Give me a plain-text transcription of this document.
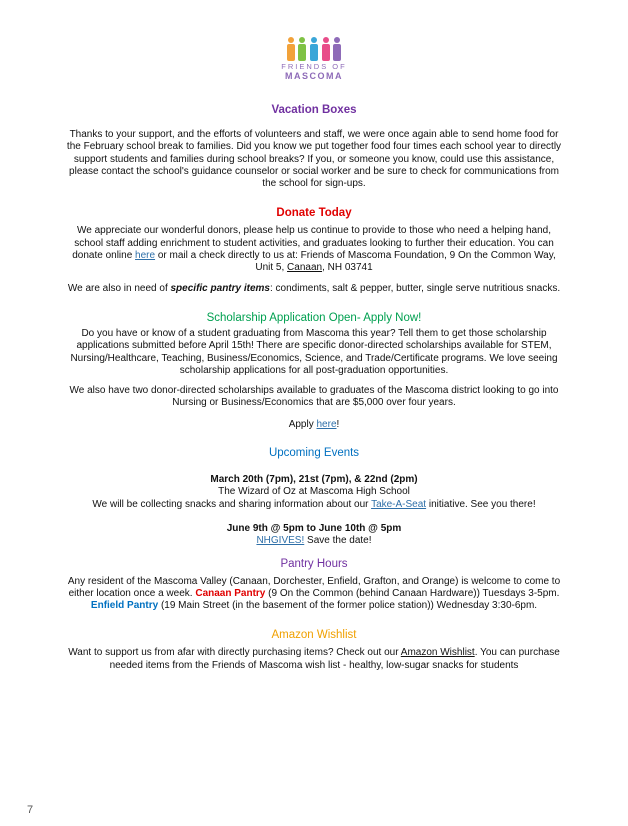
FRIENDS OF
MASCOMA
Vacation Boxes

Thanks to your support, and the efforts of volunteers and staff, we were once again able to send home food for the February school break to families. Did you know we put together food four times each school year to directly support students and families during school breaks? If you, or someone you know, could use this assistance, please contact the school's guidance counselor or social worker and be sure to check for communications from the school for sign-ups.

Donate Today

We appreciate our wonderful donors, please help us continue to provide to those who need a helping hand, school staff adding enrichment to student activities, and graduates looking to further their education. You can donate online here or mail a check directly to us at: Friends of Mascoma Foundation, 9 On the Common Way, Unit 5, Canaan, NH 03741

We are also in need of specific pantry items: condiments, salt & pepper, butter, single serve nutritious snacks.

Scholarship Application Open- Apply Now!

Do you have or know of a student graduating from Mascoma this year? Tell them to get those scholarship applications submitted before April 15th! There are specific donor-directed scholarships available for STEM, Nursing/Healthcare, Teaching, Business/Economics, Science, and Trade/Certificate programs. We love seeing scholarship applications for all post-graduation opportunities.

We also have two donor-directed scholarships available to graduates of the Mascoma district looking to go into Nursing or Business/Economics that are $5,000 over four years.

Apply here!

Upcoming Events

March 20th (7pm), 21st (7pm), & 22nd (2pm)

The Wizard of Oz at Mascoma High School

We will be collecting snacks and sharing information about our Take-A-Seat initiative. See you there!

June 9th @ 5pm to June 10th @ 5pm

NHGIVES! Save the date!

Pantry Hours

Any resident of the Mascoma Valley (Canaan, Dorchester, Enfield, Grafton, and Orange) is welcome to come to either location once a week. Canaan Pantry (9 On the Common (behind Canaan Hardware)) Tuesdays 3-5pm. Enfield Pantry (19 Main Street (in the basement of the former police station)) Wednesday 3:30-6pm.

Amazon Wishlist

Want to support us from afar with directly purchasing items? Check out our Amazon Wishlist. You can purchase needed items from the Friends of Mascoma wish list - healthy, low-sugar snacks for students

7
